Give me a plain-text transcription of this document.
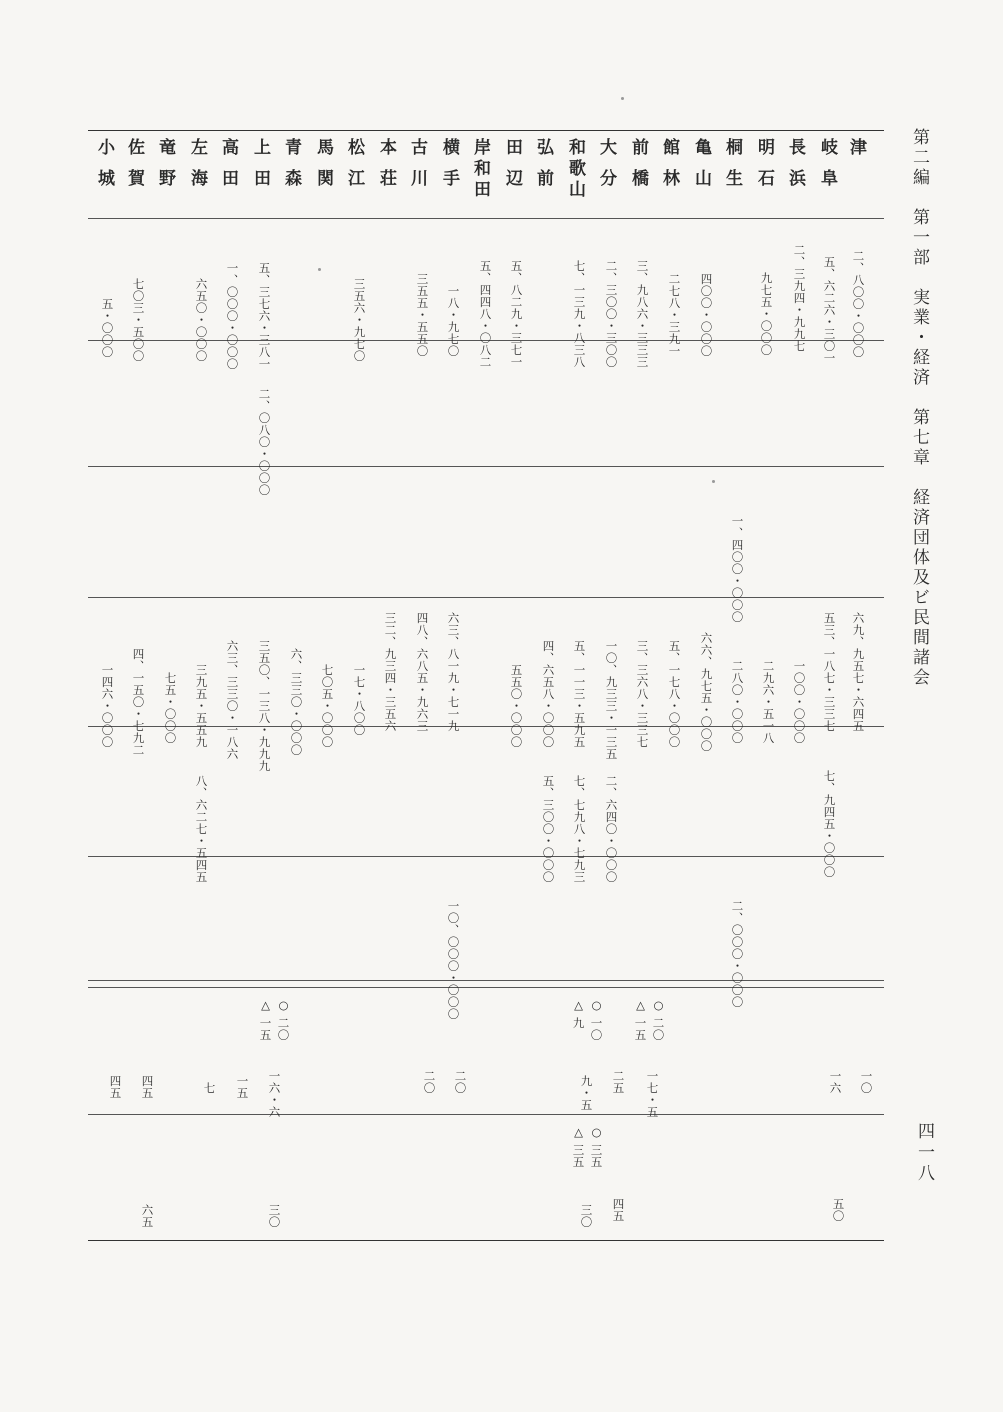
第二編　第一部　実業・経済　第七章　経済団体及ビ民間諸会
四一八
津
岐阜
長浜
明石
桐生
亀山
館林
前橋
大分
和歌山
弘前
田辺
岸和田
横手
古川
本荘
松江
馬関
青森
上田
高田
左海
竜野
佐賀
小城
二、八〇〇・〇〇〇
五、六二六・三〇一
二、三九四・九九七
九七五・〇〇〇
四〇〇・〇〇〇
二七八・三九一
三、九八六・三三三
二、三〇〇・三〇〇
七、一三九・八三八
五、八二九・三七一
五、四四八・〇八二
一八・九七〇
三五五・五五〇
三五六・九七〇
五、三七六・三八一
一、〇〇〇・〇〇〇
六五〇・〇〇〇
七〇三・五〇〇
五・〇〇〇
二、〇八〇・〇〇〇
一、四〇〇・〇〇〇
六九、九五七・六四五
五三、一八七・三三七
一〇〇・〇〇〇
二九六・五一八
二八〇・〇〇〇
六六、九七五・〇〇〇
五、一七八・〇〇〇
三、三六八・三三七
一〇、九三三・一三五
五、一一三・五九五
四、六五八・〇〇〇
五五〇・〇〇〇
六三、八一九・七一九
四八、六八五・九六三
三二、九三四・三五六
一七・八〇〇
七〇五・〇〇〇
六、三三〇・〇〇〇
三五〇、一三八・九九九
六三、三三〇・一八六
三九五・五五九
七五・〇〇〇
四、一五〇・七九二
一四六・〇〇〇
七、九四五・〇〇〇
二、六四〇・〇〇〇
七、七九八・七九三
五、三〇〇・〇〇〇
八、六二七・五四五
二、〇〇〇・〇〇〇
一〇、〇〇〇・〇〇〇
○ 二〇
△ 一五	○ 一〇
△ 九	○ 二〇
△ 一五
一〇
一六
一七・五
二五
九・五
二〇
二〇
一六・六
一五
七
四五
四五
○ 三五
△ 三五
五〇
四五
三〇
三〇
六五
